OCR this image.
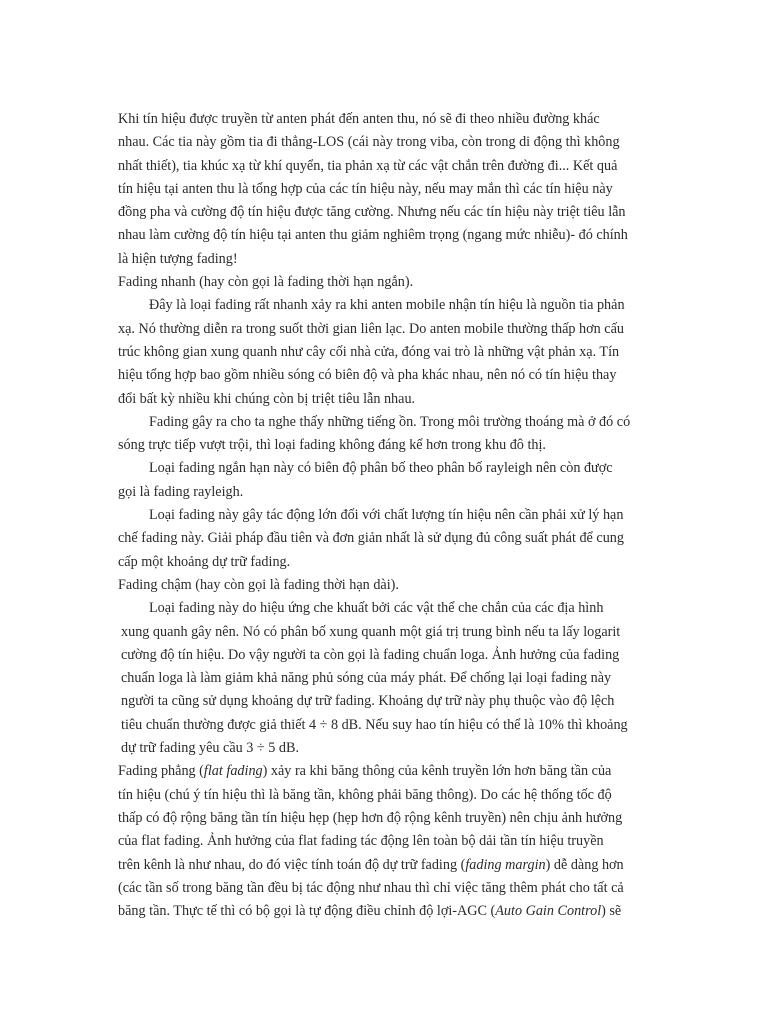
Khi tín hiệu được truyền từ anten phát đến anten thu, nó sẽ đi theo nhiều đường khác
nhau. Các tia này gồm tia đi thẳng-LOS (cái này trong viba, còn trong di động thì không
nhất thiết), tia khúc xạ từ khí quyển, tia phản xạ từ các vật chắn trên đường đi... Kết quả
tín hiệu tại anten thu là tổng hợp của các tín hiệu này, nếu may mắn thì các tín hiệu này
đồng pha và cường độ tín hiệu được tăng cường. Nhưng nếu các tín hiệu này triệt tiêu lẫn
nhau làm cường độ tín hiệu tại anten thu giảm nghiêm trọng (ngang mức nhiễu)- đó chính
là hiện tượng fading!
Fading nhanh (hay còn gọi là fading thời hạn ngắn).
Đây là loại fading rất nhanh xảy ra khi anten mobile nhận tín hiệu là nguồn tia phản
xạ. Nó thường diễn ra trong suốt thời gian liên lạc. Do anten mobile thường thấp hơn cấu
trúc không gian xung quanh như cây cối nhà cửa, đóng vai trò là những vật phản xạ. Tín
hiệu tổng hợp bao gồm nhiều sóng có biên độ và pha khác nhau, nên nó có tín hiệu thay
đổi bất kỳ nhiều khi chúng còn bị triệt tiêu lẫn nhau.
Fading gây ra cho ta nghe thấy những tiếng ồn. Trong môi trường thoáng mà ở đó có
sóng trực tiếp vượt trội, thì loại fading không đáng kể hơn trong khu đô thị.
Loại fading ngắn hạn này có biên độ phân bố theo phân bố rayleigh nên còn được
gọi là fading rayleigh.
Loại fading này gây tác động lớn đối với chất lượng tín hiệu nên cần phải xử lý hạn
chế fading này. Giải pháp đầu tiên và đơn giản nhất là sử dụng đủ công suất phát để cung
cấp một khoảng dự trữ fading.
Fading chậm (hay còn gọi là fading thời hạn dài).
Loại fading này do hiệu ứng che khuất bởi các vật thể che chắn của các địa hình
xung quanh gây nên. Nó có phân bố xung quanh một giá trị trung bình nếu ta lấy logarit
cường độ tín hiệu. Do vậy người ta còn gọi là fading chuẩn loga. Ảnh hưởng của fading
chuẩn loga là làm giảm khả năng phủ sóng của máy phát. Để chống lại loại fading này
người ta cũng sử dụng khoảng dự trữ fading. Khoảng dự trữ này phụ thuộc vào độ lệch
tiêu chuẩn thường được giả thiết 4 ÷ 8 dB. Nếu suy hao tín hiệu có thể là 10% thì khoảng
dự trữ fading yêu cầu 3 ÷ 5 dB.
Fading phẳng (flat fading) xảy ra khi băng thông của kênh truyền lớn hơn băng tần của
tín hiệu (chú ý tín hiệu thì là băng tần, không phải băng thông). Do các hệ thống tốc độ
thấp có độ rộng băng tần tín hiệu hẹp (hẹp hơn độ rộng kênh truyền) nên chịu ảnh hưởng
của flat fading. Ảnh hưởng của flat fading tác động lên toàn bộ dải tần tín hiệu truyền
trên kênh là như nhau, do đó việc tính toán độ dự trữ fading (fading margin) dễ dàng hơn
(các tần số trong băng tần đều bị tác động như nhau thì chỉ việc tăng thêm phát cho tất cả
băng tần. Thực tế thì có bộ gọi là tự động điều chỉnh độ lợi-AGC (Auto Gain Control) sẽ
